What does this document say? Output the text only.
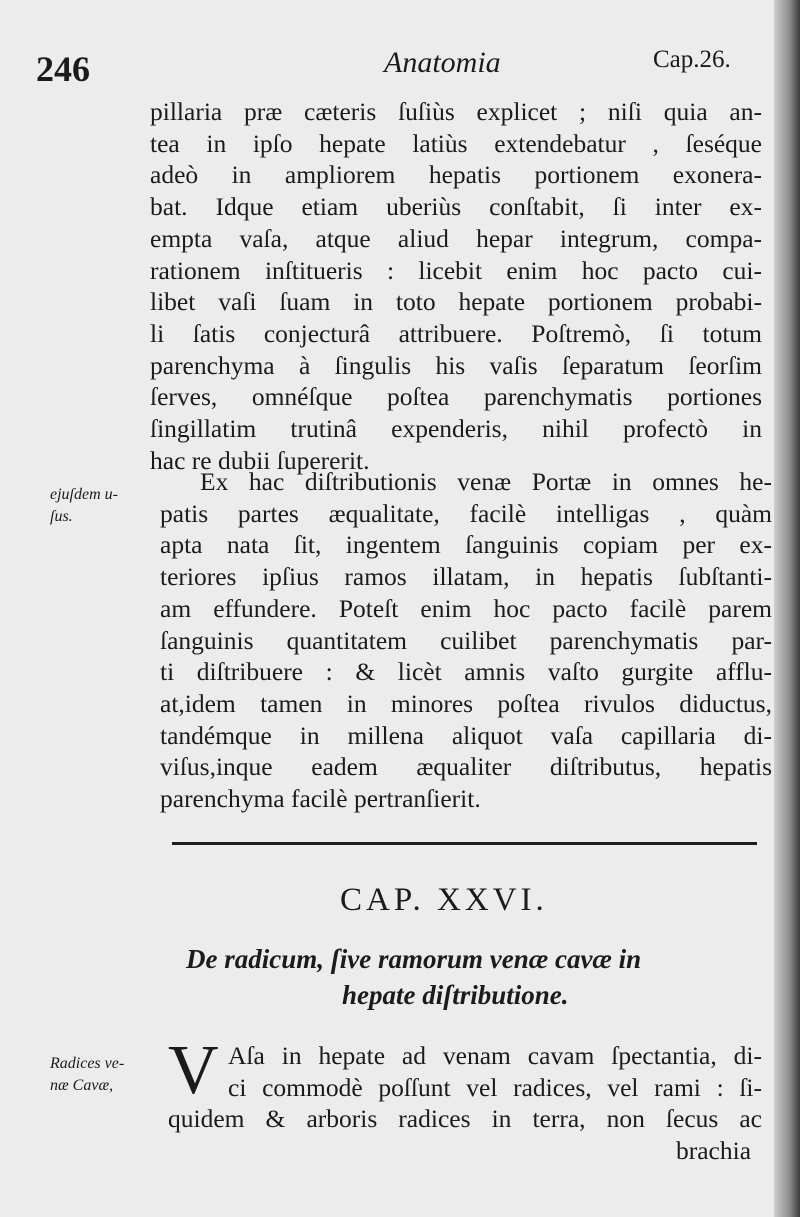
246	Anatomia	Cap.26.
pillaria præ cæteris ſuſiùs explicet ; niſi quia an-
tea in ipſo hepate latiùs extendebatur , ſeséque
adeò in ampliorem hepatis portionem exonera-
bat. Idque etiam uberiùs conſtabit, ſi inter ex-
empta vaſa, atque aliud hepar integrum, compa-
rationem inſtitueris : licebit enim hoc pacto cui-
libet vaſi ſuam in toto hepate portionem probabi-
li ſatis conjecturâ attribuere. Poſtremò, ſi totum
parenchyma à ſingulis his vaſis ſeparatum ſeorſim
ſerves, omnéſque poſtea parenchymatis portiones
ſingillatim trutinâ expenderis, nihil profectò in
hac re dubii ſupererit.
ejuſdem u-
ſus.
Ex hac diſtributionis venæ Portæ in omnes he-
patis partes æqualitate, facilè intelligas , quàm
apta nata ſit, ingentem ſanguinis copiam per ex-
teriores ipſius ramos illatam, in hepatis ſubſtanti-
am effundere. Poteſt enim hoc pacto facilè parem
ſanguinis quantitatem cuilibet parenchymatis par-
ti diſtribuere : & licèt amnis vaſto gurgite afflu-
at,idem tamen in minores poſtea rivulos diductus,
tandémque in millena aliquot vaſa capillaria di-
viſus,inque eadem æqualiter diſtributus, hepatis
parenchyma facilè pertranſierit.
CAP. XXVI.
De radicum, ſive ramorum venæ cavæ in
hepate diſtributione.
Radices ve-
næ Cavæ, V Aſa in hepate ad venam cavam ſpectantia, di-
ci commodè poſſunt vel radices, vel rami : ſi-
quidem & arboris radices in terra, non ſecus ac
brachia
